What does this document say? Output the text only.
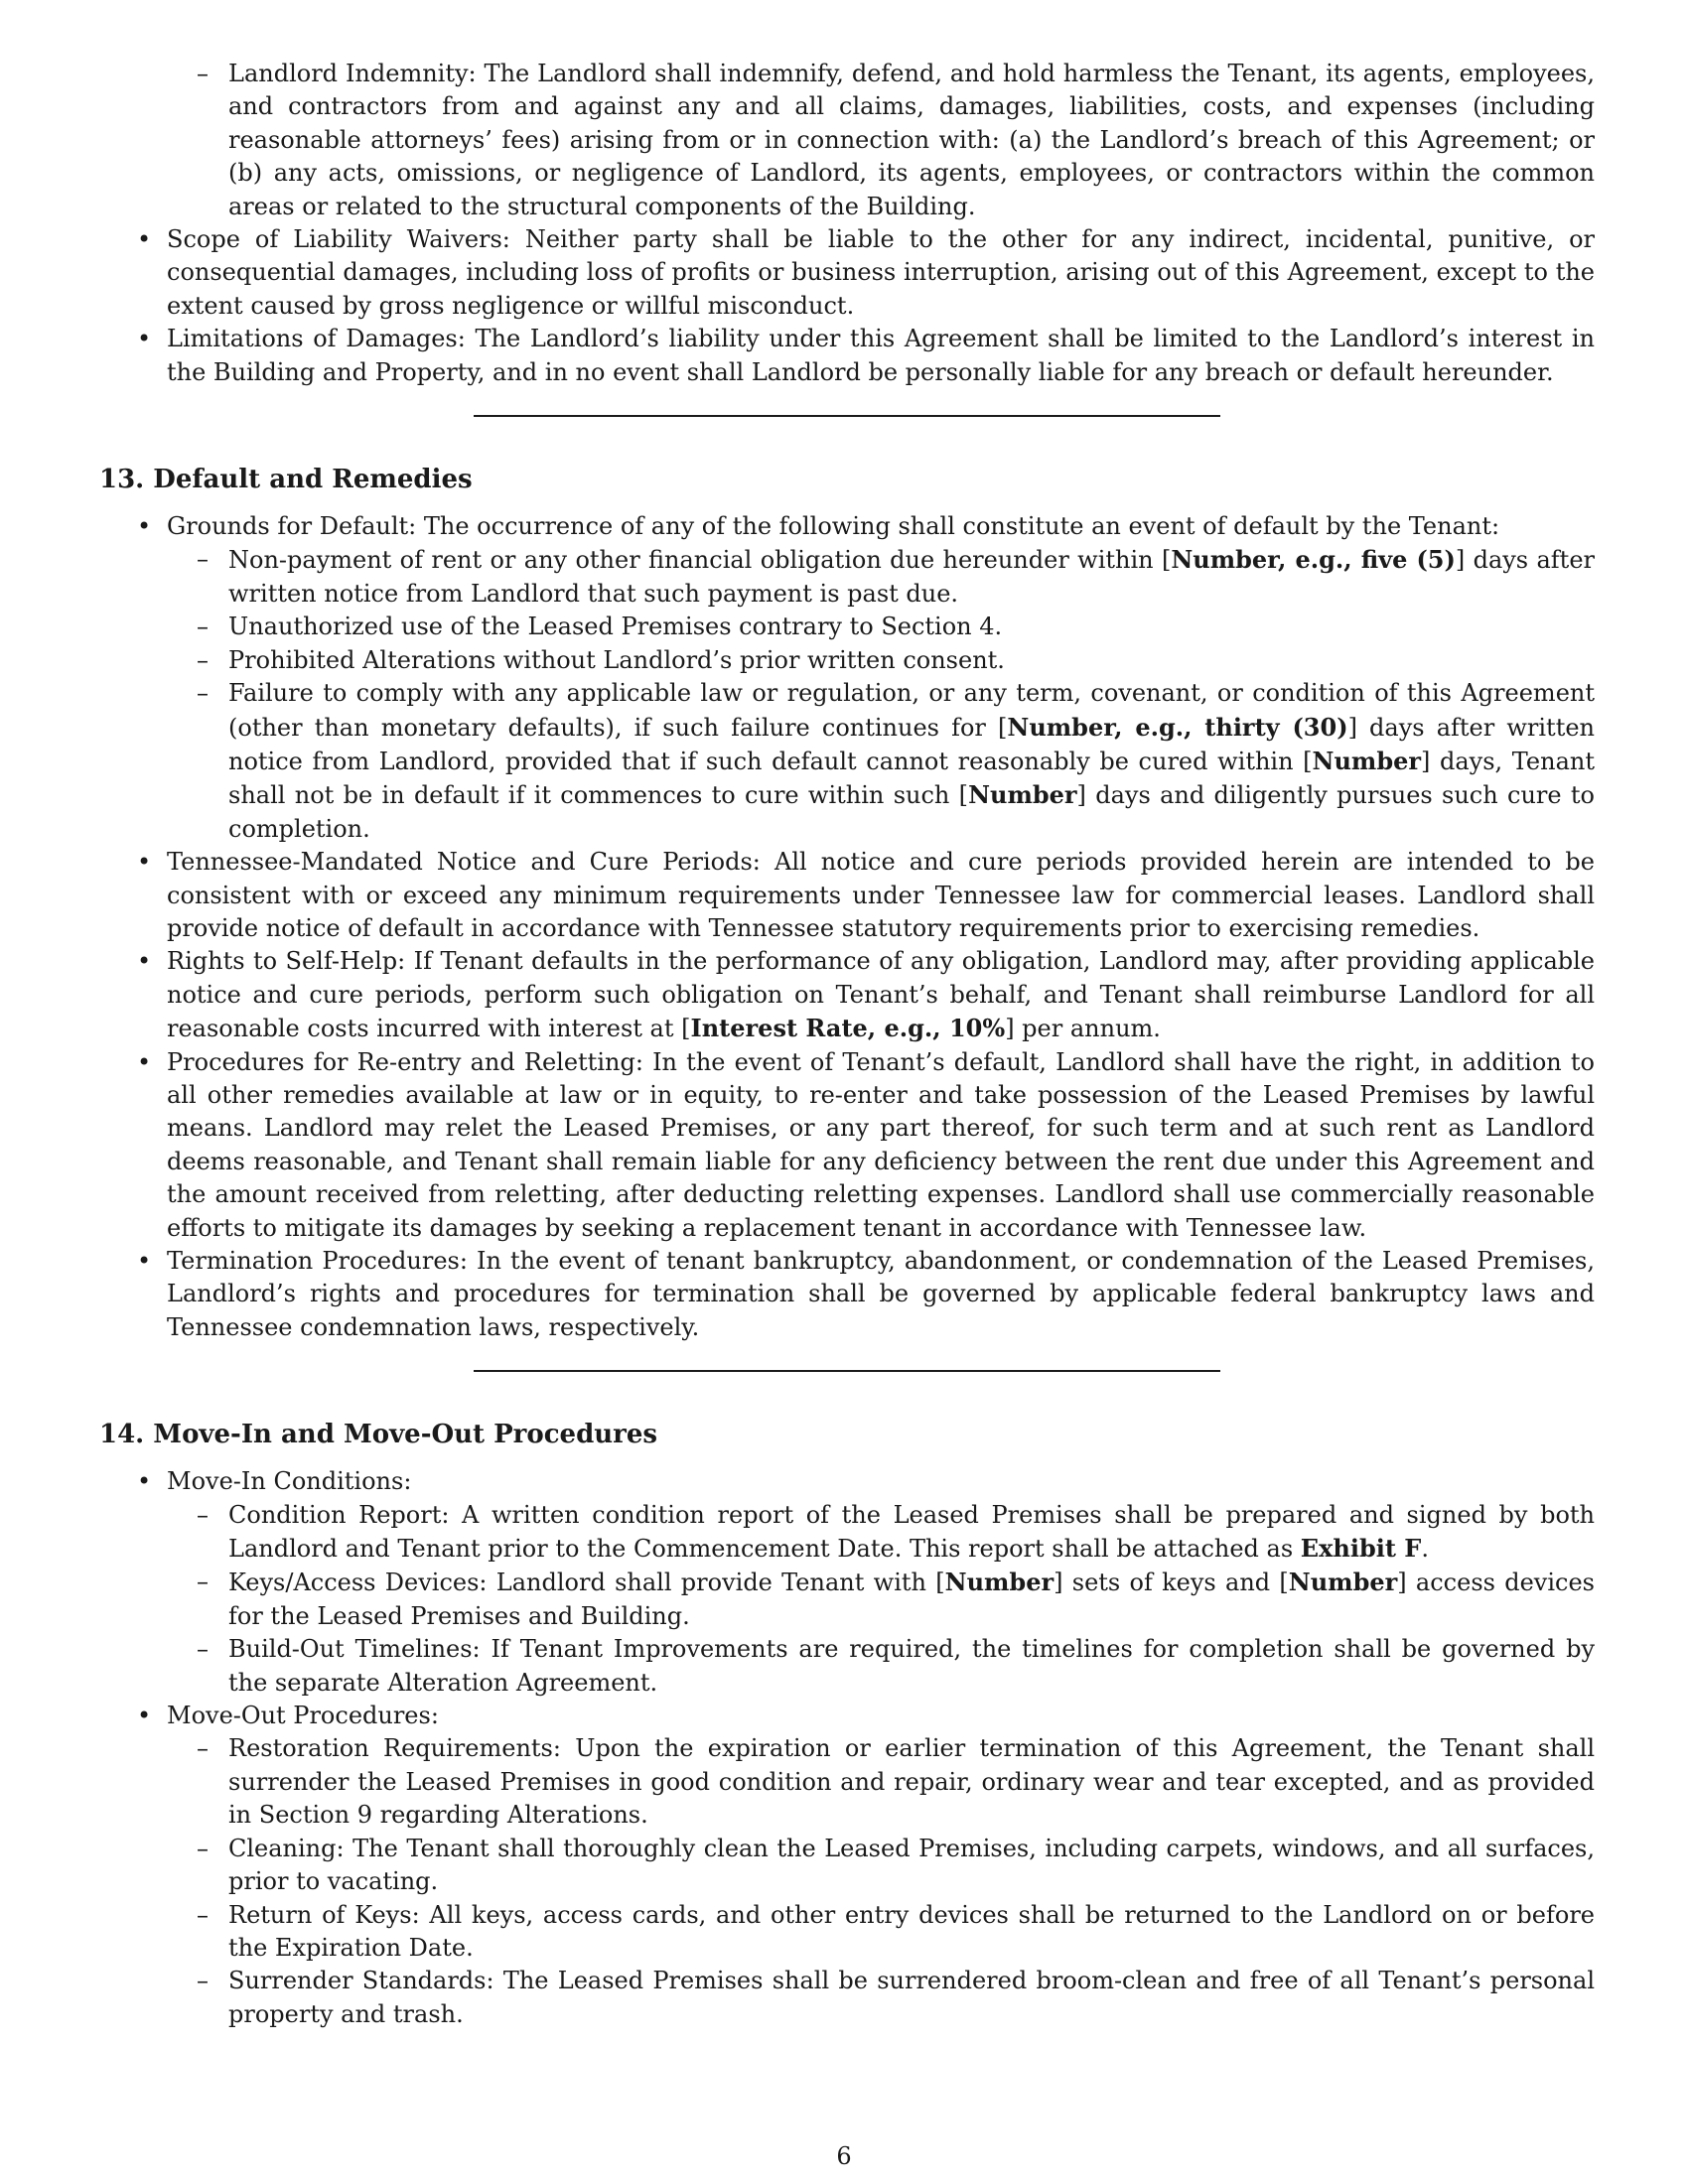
– Landlord Indemnity: The Landlord shall indemnify, defend, and hold harmless the Tenant, its agents, employees, and contractors from and against any and all claims, damages, liabilities, costs, and expenses (including reasonable attorneys’ fees) arising from or in connection with: (a) the Landlord’s breach of this Agreement; or (b) any acts, omissions, or negligence of Landlord, its agents, employees, or contractors within the common areas or related to the structural components of the Building.
• Scope of Liability Waivers: Neither party shall be liable to the other for any indirect, incidental, punitive, or consequential damages, including loss of profits or business interruption, arising out of this Agreement, except to the extent caused by gross negligence or willful misconduct.
• Limitations of Damages: The Landlord’s liability under this Agreement shall be limited to the Landlord’s interest in the Building and Property, and in no event shall Landlord be personally liable for any breach or default hereunder.
13. Default and Remedies
• Grounds for Default: The occurrence of any of the following shall constitute an event of default by the Tenant:
– Non-payment of rent or any other financial obligation due hereunder within [Number, e.g., five (5)] days after written notice from Landlord that such payment is past due.
– Unauthorized use of the Leased Premises contrary to Section 4.
– Prohibited Alterations without Landlord’s prior written consent.
– Failure to comply with any applicable law or regulation, or any term, covenant, or condition of this Agreement (other than monetary defaults), if such failure continues for [Number, e.g., thirty (30)] days after written notice from Landlord, provided that if such default cannot reasonably be cured within [Number] days, Tenant shall not be in default if it commences to cure within such [Number] days and diligently pursues such cure to completion.
• Tennessee-Mandated Notice and Cure Periods: All notice and cure periods provided herein are intended to be consistent with or exceed any minimum requirements under Tennessee law for commercial leases. Landlord shall provide notice of default in accordance with Tennessee statutory requirements prior to exercising remedies.
• Rights to Self-Help: If Tenant defaults in the performance of any obligation, Landlord may, after providing applicable notice and cure periods, perform such obligation on Tenant’s behalf, and Tenant shall reimburse Landlord for all reasonable costs incurred with interest at [Interest Rate, e.g., 10%] per annum.
• Procedures for Re-entry and Reletting: In the event of Tenant’s default, Landlord shall have the right, in addition to all other remedies available at law or in equity, to re-enter and take possession of the Leased Premises by lawful means. Landlord may relet the Leased Premises, or any part thereof, for such term and at such rent as Landlord deems reasonable, and Tenant shall remain liable for any deficiency between the rent due under this Agreement and the amount received from reletting, after deducting reletting expenses. Landlord shall use commercially reasonable efforts to mitigate its damages by seeking a replacement tenant in accordance with Tennessee law.
• Termination Procedures: In the event of tenant bankruptcy, abandonment, or condemnation of the Leased Premises, Landlord’s rights and procedures for termination shall be governed by applicable federal bankruptcy laws and Tennessee condemnation laws, respectively.
14. Move-In and Move-Out Procedures
• Move-In Conditions:
– Condition Report: A written condition report of the Leased Premises shall be prepared and signed by both Landlord and Tenant prior to the Commencement Date. This report shall be attached as Exhibit F.
– Keys/Access Devices: Landlord shall provide Tenant with [Number] sets of keys and [Number] access devices for the Leased Premises and Building.
– Build-Out Timelines: If Tenant Improvements are required, the timelines for completion shall be governed by the separate Alteration Agreement.
• Move-Out Procedures:
– Restoration Requirements: Upon the expiration or earlier termination of this Agreement, the Tenant shall surrender the Leased Premises in good condition and repair, ordinary wear and tear excepted, and as provided in Section 9 regarding Alterations.
– Cleaning: The Tenant shall thoroughly clean the Leased Premises, including carpets, windows, and all surfaces, prior to vacating.
– Return of Keys: All keys, access cards, and other entry devices shall be returned to the Landlord on or before the Expiration Date.
– Surrender Standards: The Leased Premises shall be surrendered broom-clean and free of all Tenant’s personal property and trash.
6
